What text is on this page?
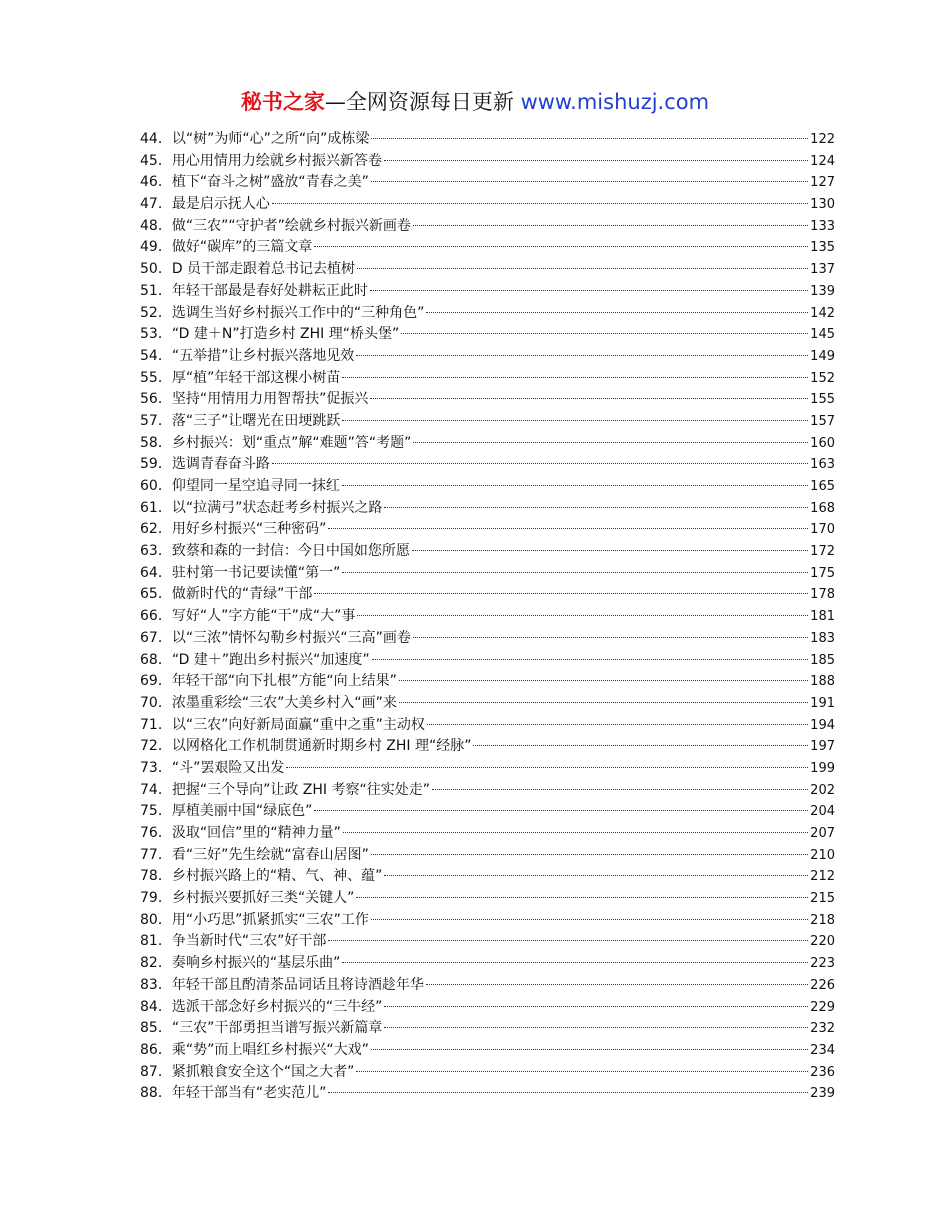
秘书之家—全网资源每日更新 www.mishuzj.com
44． 以“树”为师“心”之所“向”成栋梁	122
45． 用心用情用力绘就乡村振兴新答卷	124
46． 植下“奋斗之树”盛放“青春之美”	127
47． 最是启示抚人心	130
48． 做“三农”“守护者”绘就乡村振兴新画卷	133
49． 做好“碳库”的三篇文章	135
50． D 员干部走跟着总书记去植树	137
51． 年轻干部最是春好处耕耘正此时	139
52． 选调生当好乡村振兴工作中的“三种角色”	142
53． “D 建＋N”打造乡村 ZHI 理“桥头堡”	145
54． “五举措”让乡村振兴落地见效	149
55． 厚“植”年轻干部这棵小树苗	152
56． 坚持“用情用力用智帮扶”促振兴	155
57． 落“三子”让曙光在田埂跳跃	157
58． 乡村振兴：划“重点”解“难题”答“考题”	160
59． 选调青春奋斗路	163
60． 仰望同一星空追寻同一抹红	165
61． 以“拉满弓”状态赶考乡村振兴之路	168
62． 用好乡村振兴“三种密码”	170
63． 致蔡和森的一封信：今日中国如您所愿	172
64． 驻村第一书记要读懂“第一”	175
65． 做新时代的“青绿”干部	178
66． 写好“人”字方能“干”成“大”事	181
67． 以“三浓”情怀勾勒乡村振兴“三高”画卷	183
68． “D 建＋”跑出乡村振兴“加速度”	185
69． 年轻干部“向下扎根”方能“向上结果”	188
70． 浓墨重彩绘“三农”大美乡村入“画”来	191
71． 以“三农”向好新局面赢“重中之重”主动权	194
72． 以网格化工作机制贯通新时期乡村 ZHI 理“经脉”	197
73． “斗”罢艰险又出发	199
74． 把握“三个导向”让政 ZHI 考察“往实处走”	202
75． 厚植美丽中国“绿底色”	204
76． 汲取“回信”里的“精神力量”	207
77． 看“三好”先生绘就“富春山居图”	210
78． 乡村振兴路上的“精、气、神、蕴”	212
79． 乡村振兴要抓好三类“关键人”	215
80． 用“小巧思”抓紧抓实“三农”工作	218
81． 争当新时代“三农”好干部	220
82． 奏响乡村振兴的“基层乐曲”	223
83． 年轻干部且酌清茶品词话且将诗酒趁年华	226
84． 选派干部念好乡村振兴的“三牛经”	229
85． “三农”干部勇担当谱写振兴新篇章	232
86． 乘“势”而上唱红乡村振兴“大戏”	234
87． 紧抓粮食安全这个“国之大者”	236
88． 年轻干部当有“老实范儿”	239
